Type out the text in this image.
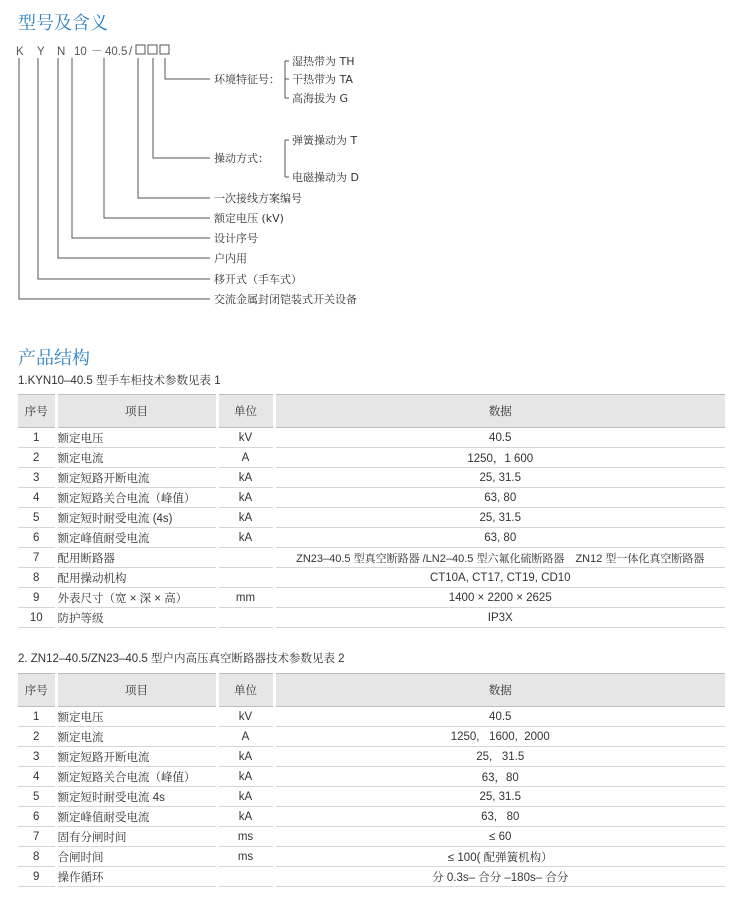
型号及含义
K Y N 10 － 40.5 /
环境特征号：
湿热带为 TH
干热带为 TA
高海拔为 G
操动方式：
弹簧操动为 T
电磁操动为 D
一次接线方案编号
额定电压 (kV)
设计序号
户内用
移开式（手车式）
交流金属封闭铠装式开关设备
产品结构
1.KYN10–40.5 型手车柜技术参数见表 1
序号	项目	单位	数据
1	额定电压	kV	40.5
2	额定电流	A	1250，1 600
3	额定短路开断电流	kA	25, 31.5
4	额定短路关合电流（峰值）	kA	63, 80
5	额定短时耐受电流 (4s)	kA	25, 31.5
6	额定峰值耐受电流	kA	63, 80
7	配用断路器		ZN23–40.5 型真空断路器 /LN2–40.5 型六氟化硫断路器　ZN12 型一体化真空断路器
8	配用操动机构		CT10A, CT17, CT19, CD10
9	外表尺寸（宽 × 深 × 高）	mm	1400 × 2200 × 2625
10	防护等级		IP3X
2. ZN12–40.5/ZN23–40.5 型户内高压真空断路器技术参数见表 2
序号	项目	单位	数据
1	额定电压	kV	40.5
2	额定电流	A	1250,   1600,  2000
3	额定短路开断电流	kA	25,   31.5
4	额定短路关合电流（峰值）	kA	63，80
5	额定短时耐受电流 4s	kA	25, 31.5
6	额定峰值耐受电流	kA	63,   80
7	固有分闸时间	ms	≤ 60
8	合闸时间	ms	≤ 100( 配弹簧机构）
9	操作循环		分 0.3s– 合分 –180s– 合分
